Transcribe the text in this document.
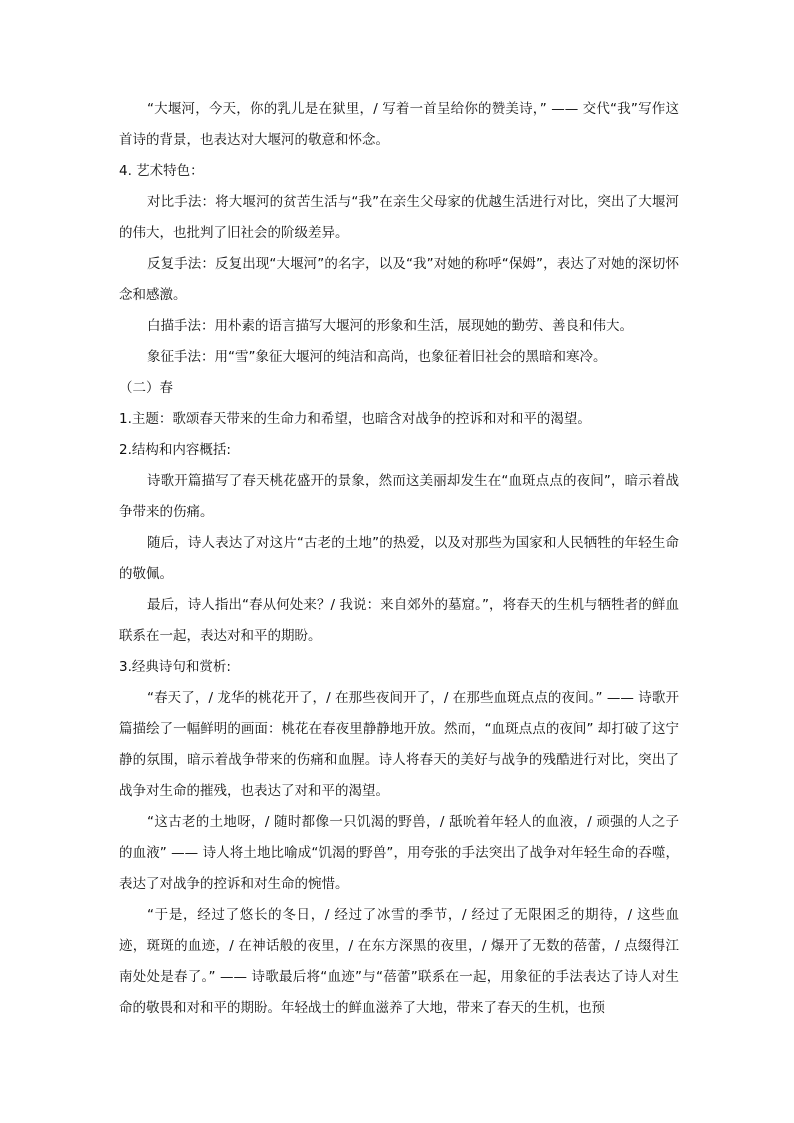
“大堰河，今天，你的乳儿是在狱里，/ 写着一首呈给你的赞美诗，” —— 交代“我”写作这首诗的背景，也表达对大堰河的敬意和怀念。

4. 艺术特色：

对比手法：将大堰河的贫苦生活与“我”在亲生父母家的优越生活进行对比，突出了大堰河的伟大，也批判了旧社会的阶级差异。

反复手法：反复出现“大堰河”的名字，以及“我”对她的称呼“保姆”，表达了对她的深切怀念和感激。

白描手法：用朴素的语言描写大堰河的形象和生活，展现她的勤劳、善良和伟大。

象征手法：用“雪”象征大堰河的纯洁和高尚，也象征着旧社会的黑暗和寒冷。

（二）春

1.主题：歌颂春天带来的生命力和希望，也暗含对战争的控诉和对和平的渴望。

2.结构和内容概括:

诗歌开篇描写了春天桃花盛开的景象，然而这美丽却发生在“血斑点点的夜间”，暗示着战争带来的伤痛。

随后，诗人表达了对这片“古老的土地”的热爱，以及对那些为国家和人民牺牲的年轻生命的敬佩。

最后，诗人指出“春从何处来？/ 我说：来自郊外的墓窟。”，将春天的生机与牺牲者的鲜血联系在一起，表达对和平的期盼。

3.经典诗句和赏析:

“春天了，/ 龙华的桃花开了，/ 在那些夜间开了，/ 在那些血斑点点的夜间。” —— 诗歌开篇描绘了一幅鲜明的画面：桃花在春夜里静静地开放。然而，“血斑点点的夜间” 却打破了这宁静的氛围，暗示着战争带来的伤痛和血腥。诗人将春天的美好与战争的残酷进行对比，突出了战争对生命的摧残，也表达了对和平的渴望。

“这古老的土地呀，/ 随时都像一只饥渴的野兽，/ 舐吮着年轻人的血液，/ 顽强的人之子的血液” —— 诗人将土地比喻成“饥渴的野兽”，用夸张的手法突出了战争对年轻生命的吞噬，表达了对战争的控诉和对生命的惋惜。

“于是，经过了悠长的冬日，/ 经过了冰雪的季节，/ 经过了无限困乏的期待，/ 这些血迹，斑斑的血迹，/ 在神话般的夜里，/ 在东方深黑的夜里，/ 爆开了无数的蓓蕾，/ 点缀得江南处处是春了。” —— 诗歌最后将“血迹”与“蓓蕾”联系在一起，用象征的手法表达了诗人对生命的敬畏和对和平的期盼。年轻战士的鲜血滋养了大地，带来了春天的生机，也预
